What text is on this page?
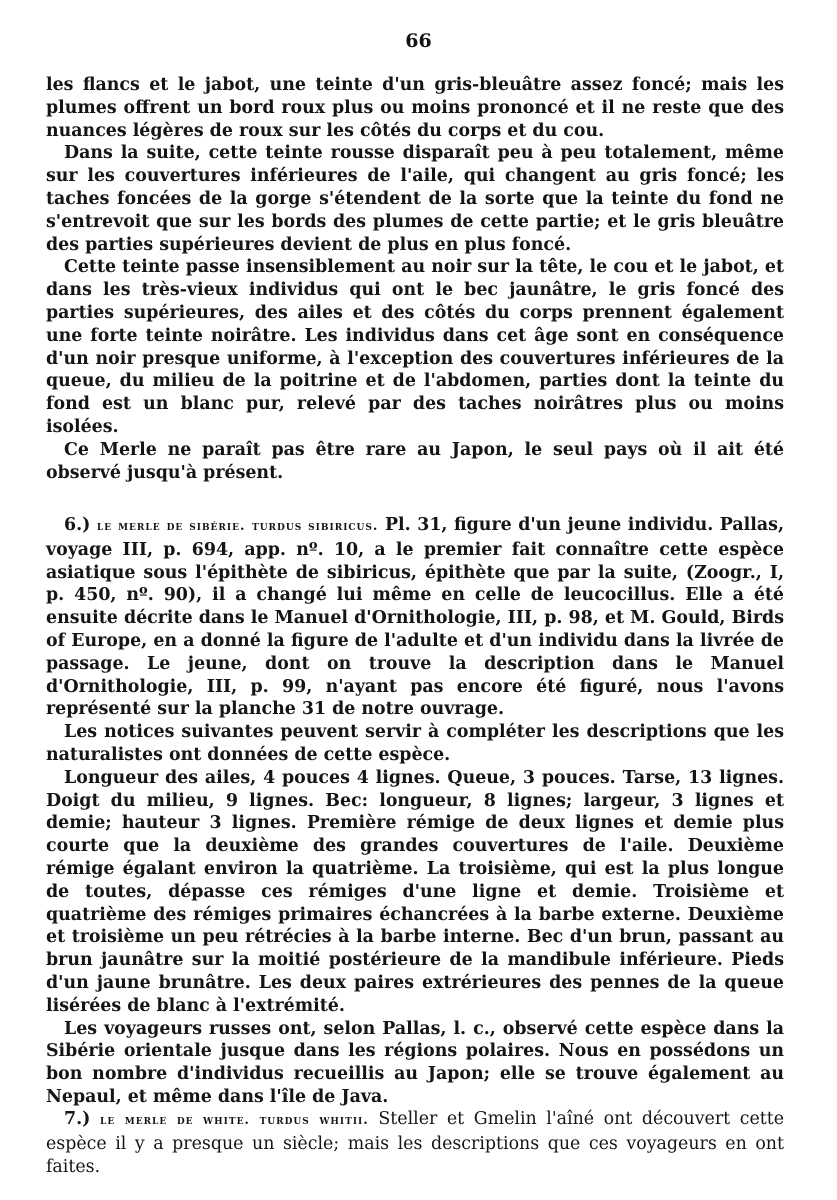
66

les flancs et le jabot, une teinte d'un gris-bleuâtre assez foncé; mais les plumes offrent un bord roux plus ou moins prononcé et il ne reste que des nuances légères de roux sur les côtés du corps et du cou.

Dans la suite, cette teinte rousse disparaît peu à peu totalement, même sur les couvertures inférieures de l'aile, qui changent au gris foncé; les taches foncées de la gorge s'étendent de la sorte que la teinte du fond ne s'entrevoit que sur les bords des plumes de cette partie; et le gris bleuâtre des parties supérieures devient de plus en plus foncé.

Cette teinte passe insensiblement au noir sur la tête, le cou et le jabot, et dans les très-vieux individus qui ont le bec jaunâtre, le gris foncé des parties supérieures, des ailes et des côtés du corps prennent également une forte teinte noirâtre. Les individus dans cet âge sont en conséquence d'un noir presque uniforme, à l'exception des couvertures inférieures de la queue, du milieu de la poitrine et de l'abdomen, parties dont la teinte du fond est un blanc pur, relevé par des taches noirâtres plus ou moins isolées.

Ce Merle ne paraît pas être rare au Japon, le seul pays où il ait été observé jusqu'à présent.

6.) le merle de sibérie. turdus sibiricus. Pl. 31, figure d'un jeune individu. Pallas, voyage III, p. 694, app. nº. 10, a le premier fait connaître cette espèce asiatique sous l'épithète de sibiricus, épithète que par la suite, (Zoogr., I, p. 450, nº. 90), il a changé lui même en celle de leucocillus. Elle a été ensuite décrite dans le Manuel d'Ornithologie, III, p. 98, et M. Gould, Birds of Europe, en a donné la figure de l'adulte et d'un individu dans la livrée de passage. Le jeune, dont on trouve la description dans le Manuel d'Ornithologie, III, p. 99, n'ayant pas encore été figuré, nous l'avons représenté sur la planche 31 de notre ouvrage.

Les notices suivantes peuvent servir à compléter les descriptions que les naturalistes ont données de cette espèce.

Longueur des ailes, 4 pouces 4 lignes. Queue, 3 pouces. Tarse, 13 lignes. Doigt du milieu, 9 lignes. Bec: longueur, 8 lignes; largeur, 3 lignes et demie; hauteur 3 lignes. Première rémige de deux lignes et demie plus courte que la deuxième des grandes couvertures de l'aile. Deuxième rémige égalant environ la quatrième. La troisième, qui est la plus longue de toutes, dépasse ces rémiges d'une ligne et demie. Troisième et quatrième des rémiges primaires échancrées à la barbe externe. Deuxième et troisième un peu rétrécies à la barbe interne. Bec d'un brun, passant au brun jaunâtre sur la moitié postérieure de la mandibule inférieure. Pieds d'un jaune brunâtre. Les deux paires extrérieures des pennes de la queue lisérées de blanc à l'extrémité.

Les voyageurs russes ont, selon Pallas, l. c., observé cette espèce dans la Sibérie orientale jusque dans les régions polaires. Nous en possédons un bon nombre d'individus recueillis au Japon; elle se trouve également au Nepaul, et même dans l'île de Java.

7.) le merle de white. turdus whitii. Steller et Gmelin l'aîné ont découvert cette espèce il y a presque un siècle; mais les descriptions que ces voyageurs en ont faites.
